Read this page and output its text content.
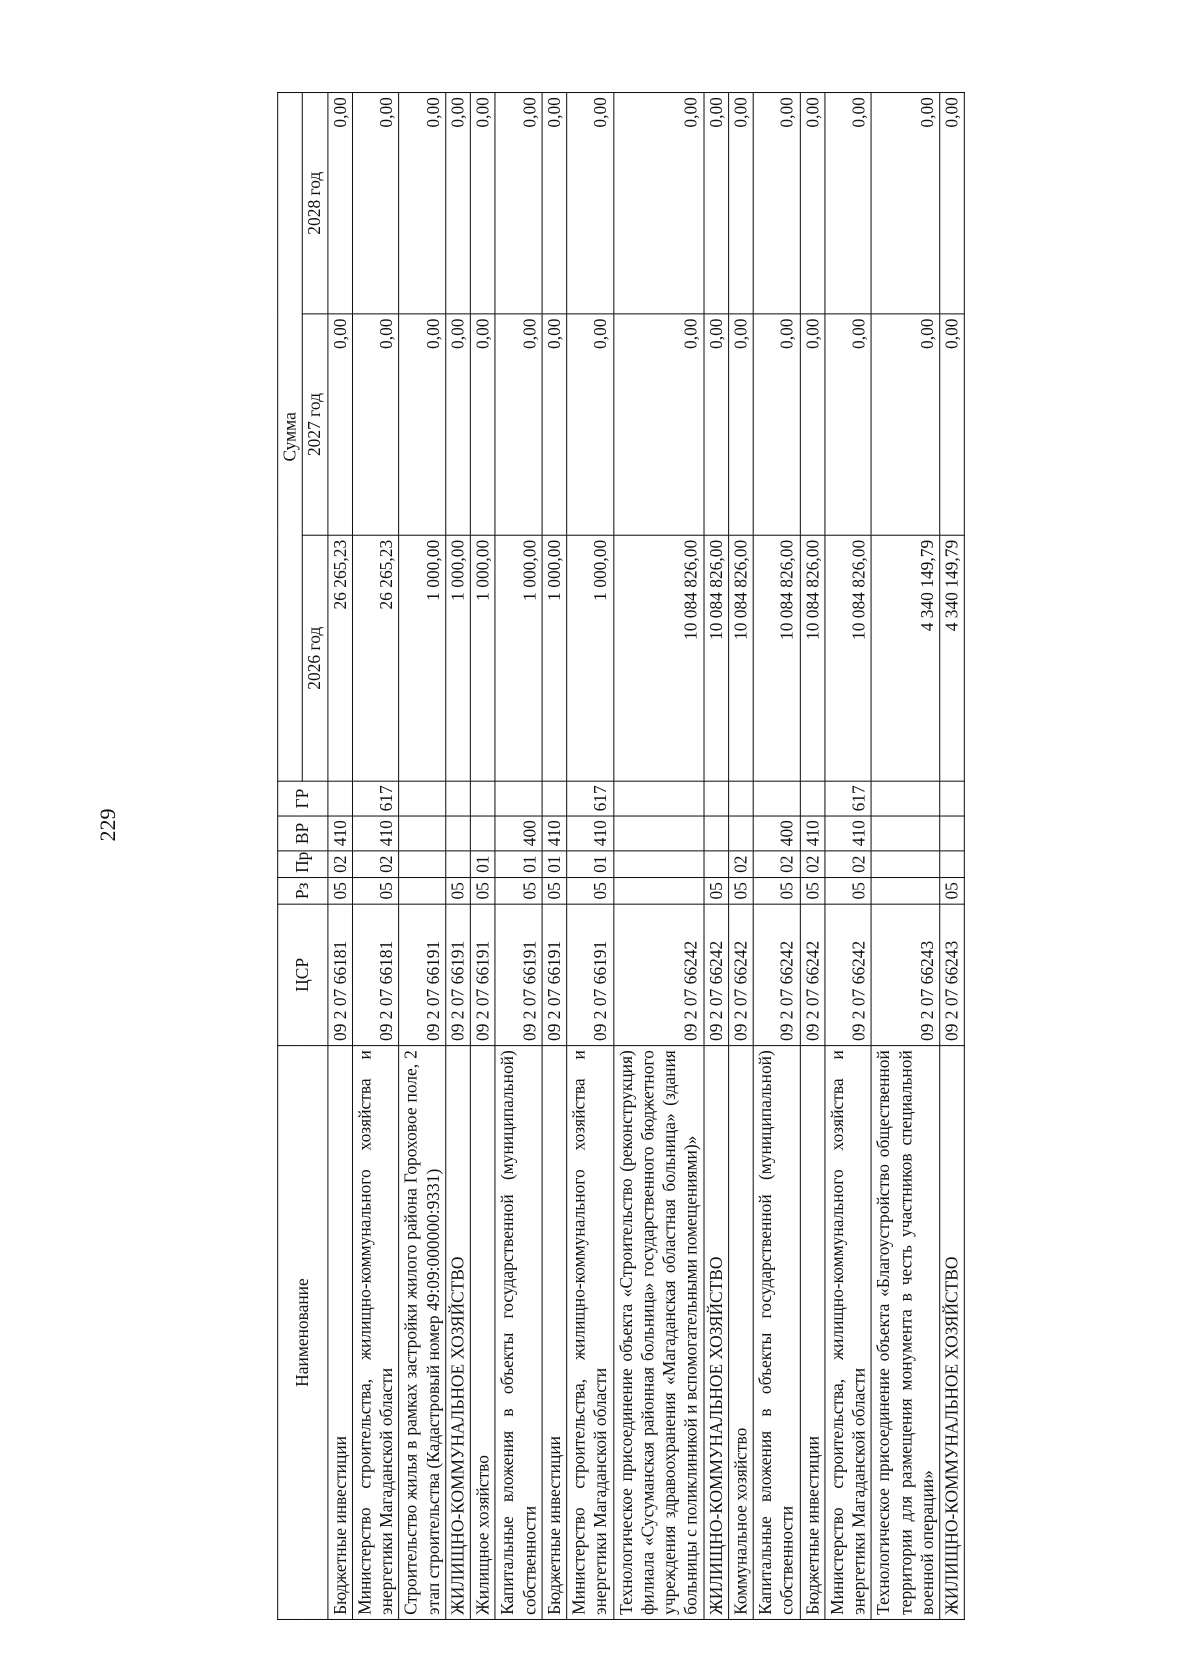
229
Наименование	ЦСР	Рз	Пр	ВР	ГР	Сумма		
						2026 год	2027 год	2028 год
Бюджетные инвестиции	09 2 07 66181	05	02	410		26 265,23	0,00	0,00
Министерство строительства, жилищно-коммунального хозяйства и энергетики Магаданской области	09 2 07 66181	05	02	410	617	26 265,23	0,00	0,00
Строительство жилья в рамках застройки жилого района Гороховое поле, 2 этап строительства (Кадастровый номер 49:09:000000:9331)	09 2 07 66191					1 000,00	0,00	0,00
ЖИЛИЩНО-КОММУНАЛЬНОЕ ХОЗЯЙСТВО	09 2 07 66191	05				1 000,00	0,00	0,00
Жилищное хозяйство	09 2 07 66191	05	01			1 000,00	0,00	0,00
Капитальные вложения в объекты государственной (муниципальной) собственности	09 2 07 66191	05	01	400		1 000,00	0,00	0,00
Бюджетные инвестиции	09 2 07 66191	05	01	410		1 000,00	0,00	0,00
Министерство строительства, жилищно-коммунального хозяйства и энергетики Магаданской области	09 2 07 66191	05	01	410	617	1 000,00	0,00	0,00
Технологическое присоединение объекта «Строительство (реконструкция) филиала «Сусуманская районная больница» государственного бюджетного учреждения здравоохранения «Магаданская областная больница» (здания больницы с поликлиникой и вспомогательными помещениями)»	09 2 07 66242					10 084 826,00	0,00	0,00
ЖИЛИЩНО-КОММУНАЛЬНОЕ ХОЗЯЙСТВО	09 2 07 66242	05				10 084 826,00	0,00	0,00
Коммунальное хозяйство	09 2 07 66242	05	02			10 084 826,00	0,00	0,00
Капитальные вложения в объекты государственной (муниципальной) собственности	09 2 07 66242	05	02	400		10 084 826,00	0,00	0,00
Бюджетные инвестиции	09 2 07 66242	05	02	410		10 084 826,00	0,00	0,00
Министерство строительства, жилищно-коммунального хозяйства и энергетики Магаданской области	09 2 07 66242	05	02	410	617	10 084 826,00	0,00	0,00
Технологическое присоединение объекта «Благоустройство общественной территории для размещения монумента в честь участников специальной военной операции»	09 2 07 66243					4 340 149,79	0,00	0,00
ЖИЛИЩНО-КОММУНАЛЬНОЕ ХОЗЯЙСТВО	09 2 07 66243	05				4 340 149,79	0,00	0,00
